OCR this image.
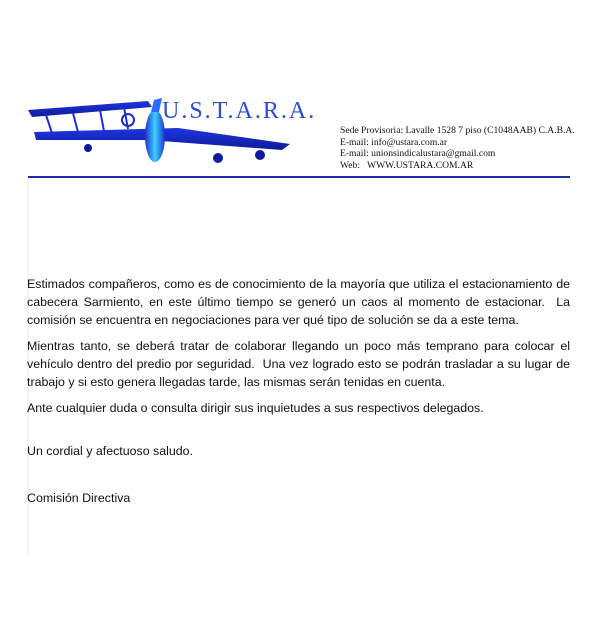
U.S.T.A.R.A.
Sede Provisoria: Lavalle 1528 7 piso (C1048AAB) C.A.B.A.
E-mail: info@ustara.com.ar
E-mail: unionsindicalustara@gmail.com
Web:   WWW.USTARA.COM.AR

Estimados compañeros, como es de conocimiento de la mayoría que utiliza el estacionamiento de cabecera Sarmiento, en este último tiempo se generó un caos al momento de estacionar.  La comisión se encuentra en negociaciones para ver qué tipo de solución se da a este tema.

Mientras tanto, se deberá tratar de colaborar llegando un poco más temprano para colocar el vehículo dentro del predio por seguridad.  Una vez logrado esto se podrán trasladar a su lugar de trabajo y si esto genera llegadas tarde, las mismas serán tenidas en cuenta.

Ante cualquier duda o consulta dirigir sus inquietudes a sus respectivos delegados.

Un cordial y afectuoso saludo.
Comisión Directiva
